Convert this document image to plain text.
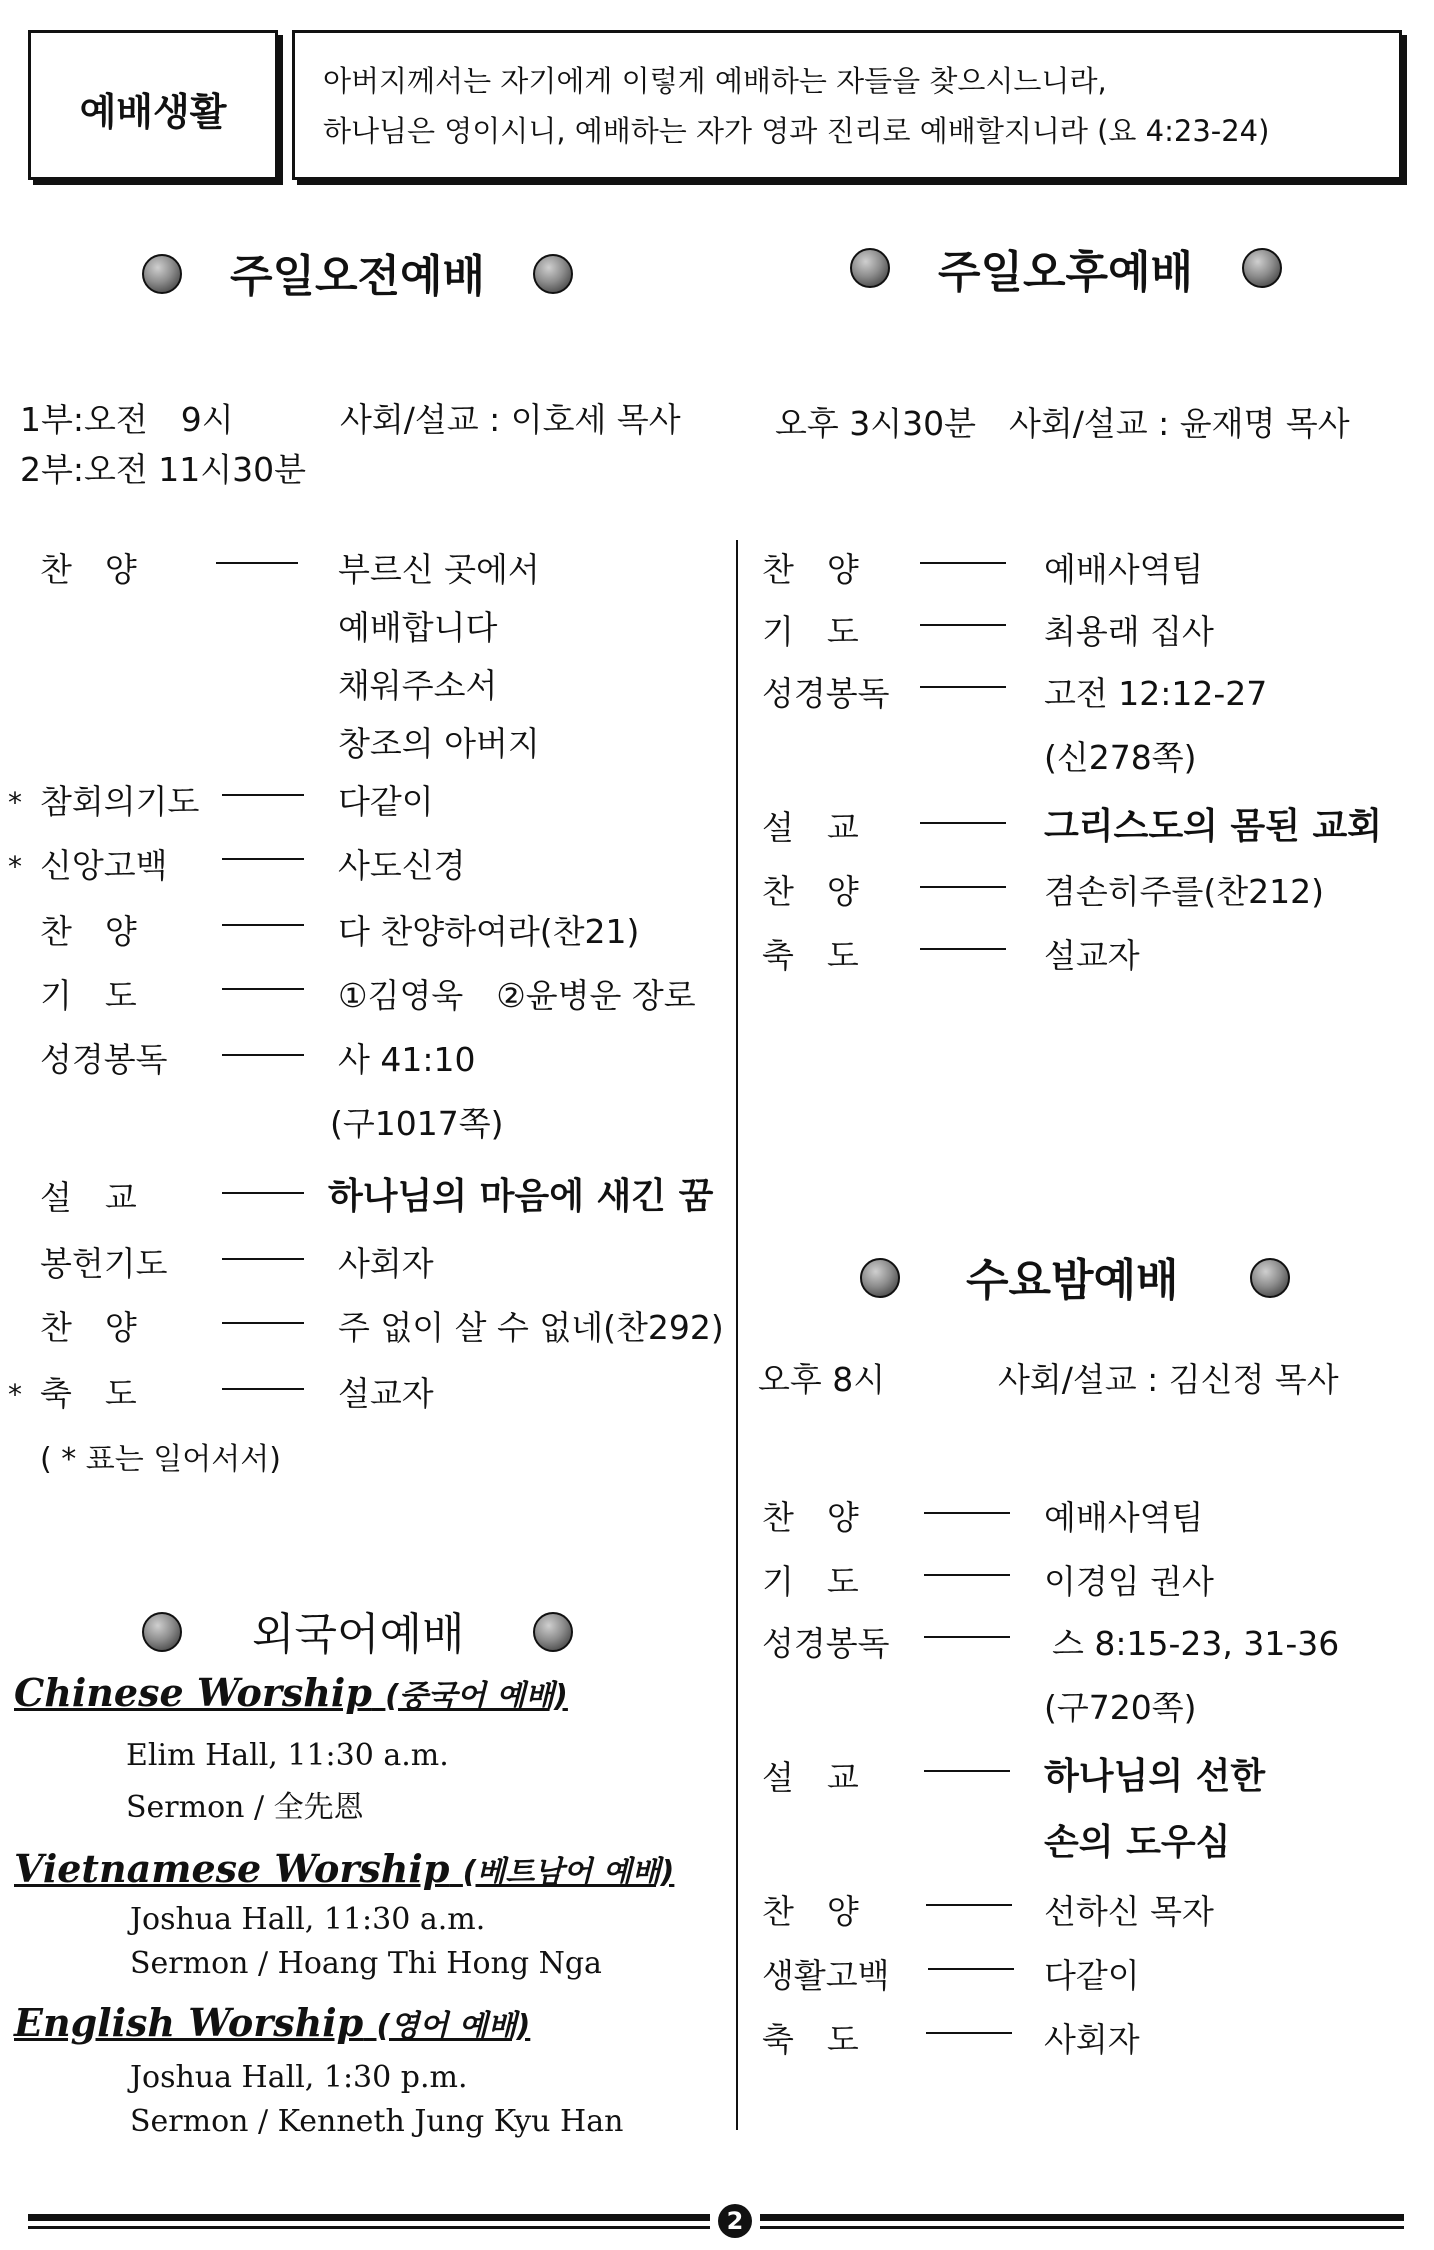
예배생활
아버지께서는 자기에게 이렇게 예배하는 자들을 찾으시느니라,
하나님은 영이시니, 예배하는 자가 영과 진리로 예배할지니라 (요 4:23-24)
주일오전예배	주일오후예배
1부:오전　9시	사회/설교 : 이호세 목사
2부:오전 11시30분
오후 3시30분　사회/설교 : 윤재명 목사
찬　양	부르신 곳에서
예배합니다
채워주소서
창조의 아버지
* 참회의기도	다같이
* 신앙고백	사도신경
찬　양	다 찬양하여라(찬21)
기　도	①김영욱　②윤병운 장로
성경봉독	사 41:10
(구1017쪽)
설　교	하나님의 마음에 새긴 꿈
봉헌기도	사회자
찬　양	주 없이 살 수 없네(찬292)
* 축　도	설교자
( * 표는 일어서서)
찬　양	예배사역팀
기　도	최용래 집사
성경봉독	고전 12:12-27
(신278쪽)
설　교	그리스도의 몸된 교회
찬　양	겸손히주를(찬212)
축　도	설교자
수요밤예배
오후 8시	사회/설교 : 김신정 목사
찬　양	예배사역팀
기　도	이경임 권사
성경봉독	스 8:15-23, 31-36
(구720쪽)
설　교	하나님의 선한
손의 도우심
찬　양	선하신 목자
생활고백	다같이
축　도	사회자
외국어예배
Chinese Worship (중국어 예배)
Elim Hall, 11:30 a.m.
Sermon / 全先恩
Vietnamese Worship (베트남어 예배)
Joshua Hall, 11:30 a.m.
Sermon / Hoang Thi Hong Nga
English Worship (영어 예배)
Joshua Hall, 1:30 p.m.
Sermon / Kenneth Jung Kyu Han
2
